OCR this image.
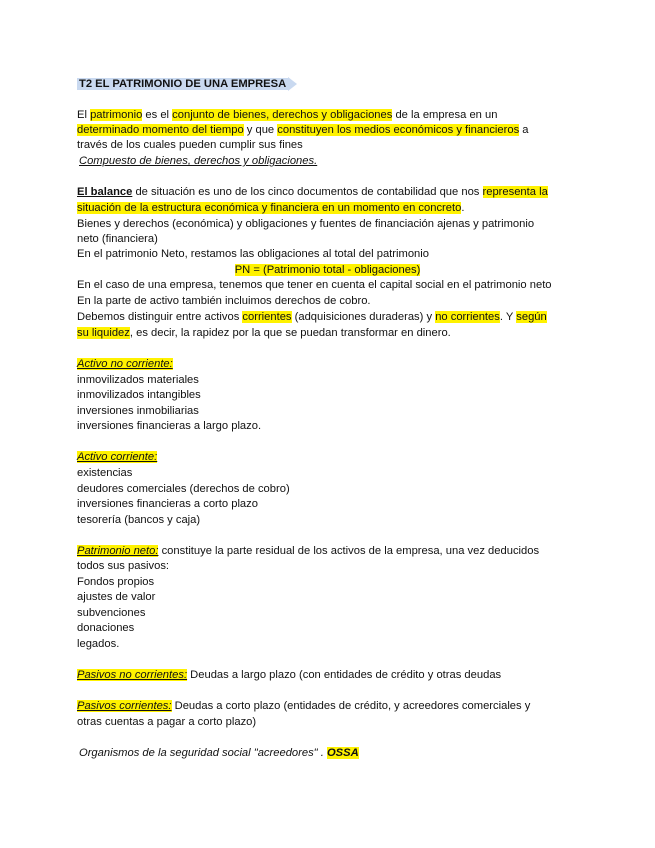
T2 EL PATRIMONIO DE UNA EMPRESA
El patrimonio es el conjunto de bienes, derechos y obligaciones de la empresa en un
determinado momento del tiempo y que constituyen los medios económicos y financieros a
través de los cuales pueden cumplir sus fines
Compuesto de bienes, derechos y obligaciones.
El balance de situación es uno de los cinco documentos de contabilidad que nos representa la
situación de la estructura económica y financiera en un momento en concreto.
Bienes y derechos (económica) y obligaciones y fuentes de financiación ajenas y patrimonio
neto (financiera)
En el patrimonio Neto, restamos las obligaciones al total del patrimonio
PN = (Patrimonio total - obligaciones)
En el caso de una empresa, tenemos que tener en cuenta el capital social en el patrimonio neto
En la parte de activo también incluimos derechos de cobro.
Debemos distinguir entre activos corrientes (adquisiciones duraderas) y no corrientes. Y según
su liquidez, es decir, la rapidez por la que se puedan transformar en dinero.
Activo no corriente:
inmovilizados materiales
inmovilizados intangibles
inversiones inmobiliarias
inversiones financieras a largo plazo.
Activo corriente:
existencias
deudores comerciales (derechos de cobro)
inversiones financieras a corto plazo
tesorería (bancos y caja)
Patrimonio neto: constituye la parte residual de los activos de la empresa, una vez deducidos
todos sus pasivos:
Fondos propios
ajustes de valor
subvenciones
donaciones
legados.
Pasivos no corrientes: Deudas a largo plazo (con entidades de crédito y otras deudas
Pasivos corrientes: Deudas a corto plazo (entidades de crédito, y acreedores comerciales y
otras cuentas a pagar a corto plazo)
Organismos de la seguridad social "acreedores" . OSSA
